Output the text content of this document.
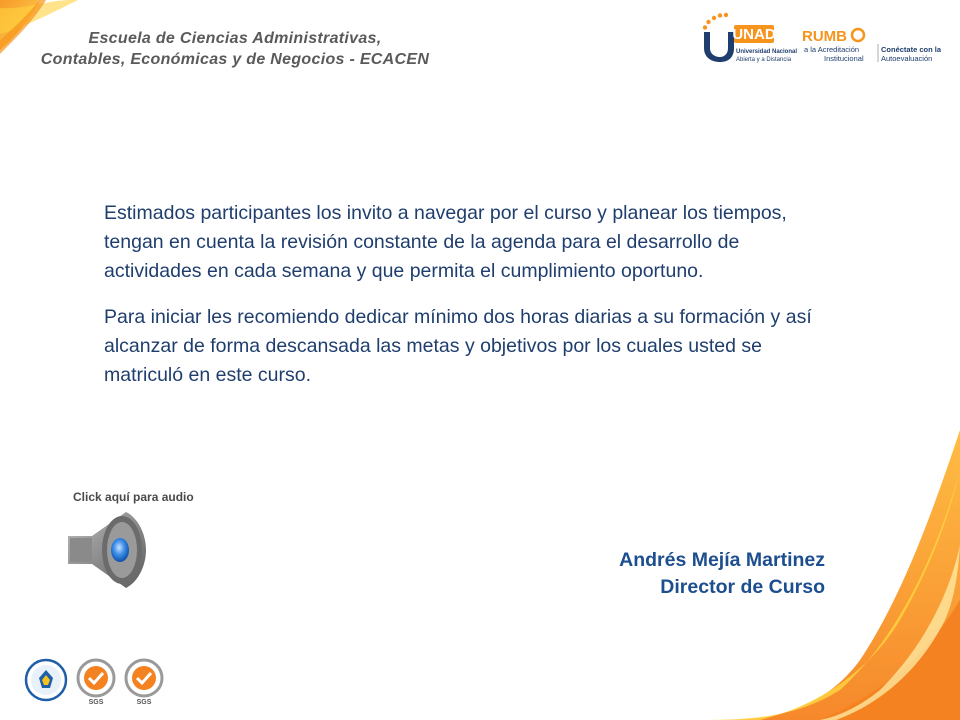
Escuela de Ciencias Administrativas,
Contables, Económicas y de Negocios - ECACEN
UNAD
Universidad Nacional
Abierta y a Distancia
RUMB
a la Acreditación
Institucional
Conéctate con la
Autoevaluación

Estimados participantes los invito a navegar por el curso y planear los tiempos, tengan en cuenta la revisión constante de la agenda para el desarrollo de actividades en cada semana y que permita el cumplimiento oportuno.

Para iniciar les recomiendo dedicar mínimo dos horas diarias a su formación y así alcanzar de forma descansada las metas y objetivos por los cuales usted se matriculó en este curso.

Click aquí para audio
Andrés Mejía Martinez
Director de Curso
SGS	SGS
